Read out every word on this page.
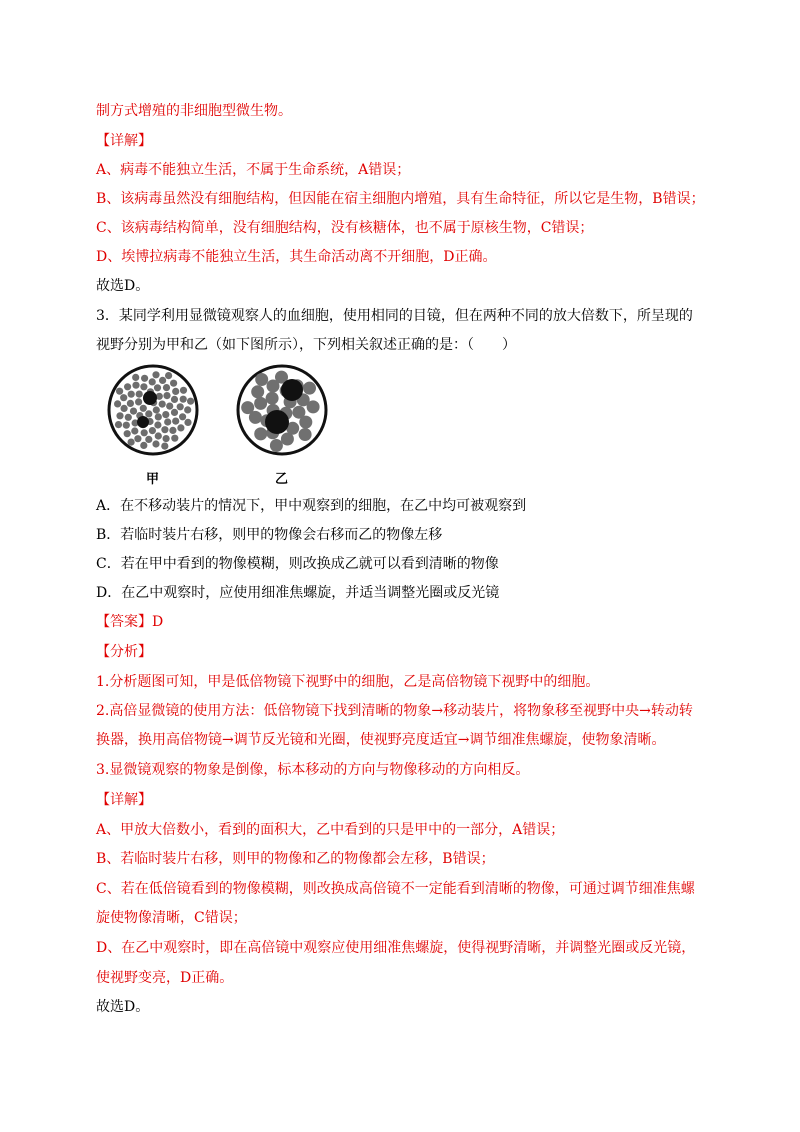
制方式增殖的非细胞型微生物。
【详解】
A、病毒不能独立生活，不属于生命系统，A错误；
B、该病毒虽然没有细胞结构，但因能在宿主细胞内增殖，具有生命特征，所以它是生物，B错误；
C、该病毒结构简单，没有细胞结构，没有核糖体，也不属于原核生物，C错误；
D、埃博拉病毒不能独立生活，其生命活动离不开细胞，D正确。
故选D。
3．某同学利用显微镜观察人的血细胞，使用相同的目镜，但在两种不同的放大倍数下，所呈现的
视野分别为甲和乙（如下图所示），下列相关叙述正确的是：（　　）
甲	乙
A．在不移动装片的情况下，甲中观察到的细胞，在乙中均可被观察到
B．若临时装片右移，则甲的物像会右移而乙的物像左移
C．若在甲中看到的物像模糊，则改换成乙就可以看到清晰的物像
D．在乙中观察时，应使用细准焦螺旋，并适当调整光圈或反光镜
【答案】D
【分析】
1.分析题图可知，甲是低倍物镜下视野中的细胞，乙是高倍物镜下视野中的细胞。
2.高倍显微镜的使用方法：低倍物镜下找到清晰的物象→移动装片，将物象移至视野中央→转动转
换器，换用高倍物镜→调节反光镜和光圈，使视野亮度适宜→调节细准焦螺旋，使物象清晰。
3.显微镜观察的物象是倒像，标本移动的方向与物像移动的方向相反。
【详解】
A、甲放大倍数小，看到的面积大，乙中看到的只是甲中的一部分，A错误；
B、若临时装片右移，则甲的物像和乙的物像都会左移，B错误；
C、若在低倍镜看到的物像模糊，则改换成高倍镜不一定能看到清晰的物像，可通过调节细准焦螺
旋使物像清晰，C错误；
D、在乙中观察时，即在高倍镜中观察应使用细准焦螺旋，使得视野清晰，并调整光圈或反光镜，
使视野变亮，D正确。
故选D。
